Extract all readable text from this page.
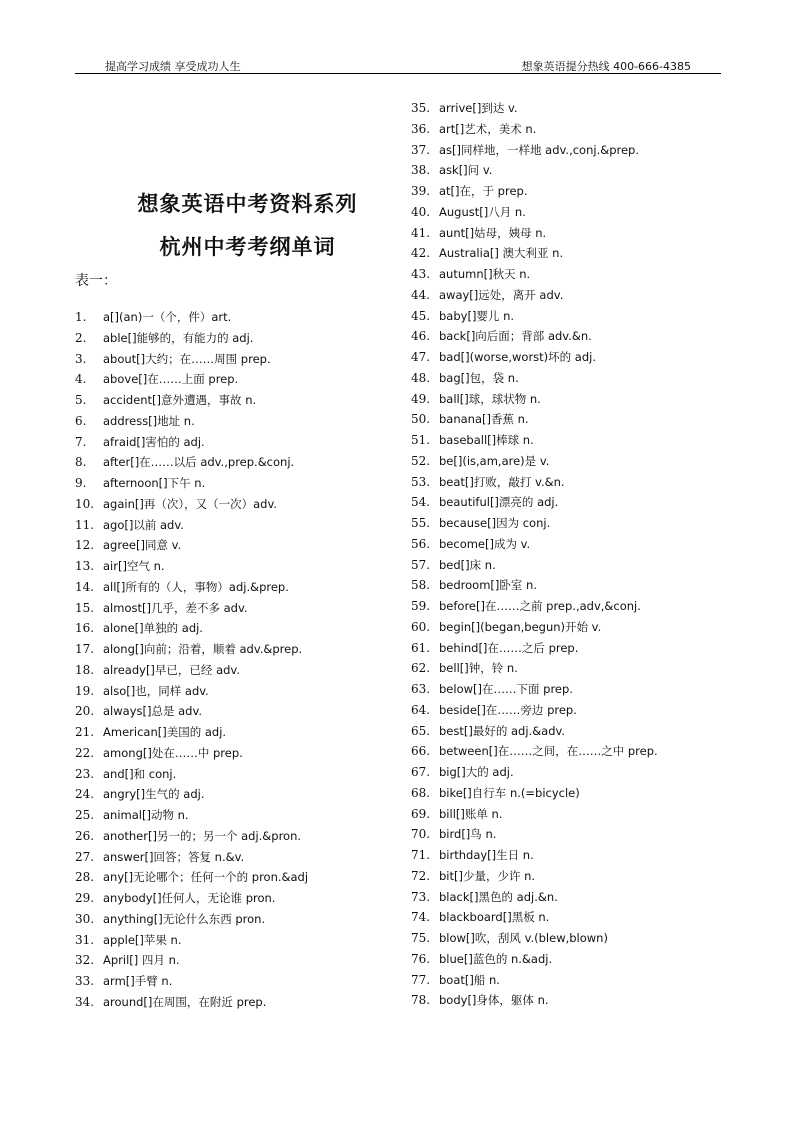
提高学习成绩 享受成功人生	想象英语提分热线 400-666-4385
想象英语中考资料系列
杭州中考考纲单词
表一：
1. a[](an)一（个，件）art.
2. able[]能够的，有能力的 adj.
3. about[]大约；在……周围 prep.
4. above[]在……上面 prep.
5. accident[]意外遭遇，事故 n.
6. address[]地址 n.
7. afraid[]害怕的 adj.
8. after[]在……以后 adv.,prep.&conj.
9. afternoon[]下午 n.
10. again[]再（次），又（一次）adv.
11. ago[]以前 adv.
12. agree[]同意 v.
13. air[]空气 n.
14. all[]所有的（人，事物）adj.&prep.
15. almost[]几乎，差不多 adv.
16. alone[]单独的 adj.
17. along[]向前；沿着，顺着 adv.&prep.
18. already[]早已，已经 adv.
19. also[]也，同样 adv.
20. always[]总是 adv.
21. American[]美国的 adj.
22. among[]处在……中 prep.
23. and[]和 conj.
24. angry[]生气的 adj.
25. animal[]动物 n.
26. another[]另一的；另一个 adj.&pron.
27. answer[]回答；答复 n.&v.
28. any[]无论哪个；任何一个的 pron.&adj
29. anybody[]任何人，无论谁 pron.
30. anything[]无论什么东西 pron.
31. apple[]苹果 n.
32. April[] 四月 n.
33. arm[]手臂 n.
34. around[]在周围，在附近 prep.
35. arrive[]到达 v.
36. art[]艺术，美术 n.
37. as[]同样地，一样地 adv.,conj.&prep.
38. ask[]问 v.
39. at[]在，于 prep.
40. August[]八月 n.
41. aunt[]姑母，姨母 n.
42. Australia[] 澳大利亚 n.
43. autumn[]秋天 n.
44. away[]远处，离开 adv.
45. baby[]婴儿 n.
46. back[]向后面；背部 adv.&n.
47. bad[](worse,worst)坏的 adj.
48. bag[]包，袋 n.
49. ball[]球，球状物 n.
50. banana[]香蕉 n.
51. baseball[]棒球 n.
52. be[](is,am,are)是 v.
53. beat[]打败，敲打 v.&n.
54. beautiful[]漂亮的 adj.
55. because[]因为 conj.
56. become[]成为 v.
57. bed[]床 n.
58. bedroom[]卧室 n.
59. before[]在……之前 prep.,adv,&conj.
60. begin[](began,begun)开始 v.
61. behind[]在……之后 prep.
62. bell[]钟，铃 n.
63. below[]在……下面 prep.
64. beside[]在……旁边 prep.
65. best[]最好的 adj.&adv.
66. between[]在……之间，在……之中 prep.
67. big[]大的 adj.
68. bike[]自行车 n.(=bicycle)
69. bill[]账单 n.
70. bird[]鸟 n.
71. birthday[]生日 n.
72. bit[]少量，少许 n.
73. black[]黑色的 adj.&n.
74. blackboard[]黑板 n.
75. blow[]吹，刮风 v.(blew,blown)
76. blue[]蓝色的 n.&adj.
77. boat[]船 n.
78. body[]身体，躯体 n.
